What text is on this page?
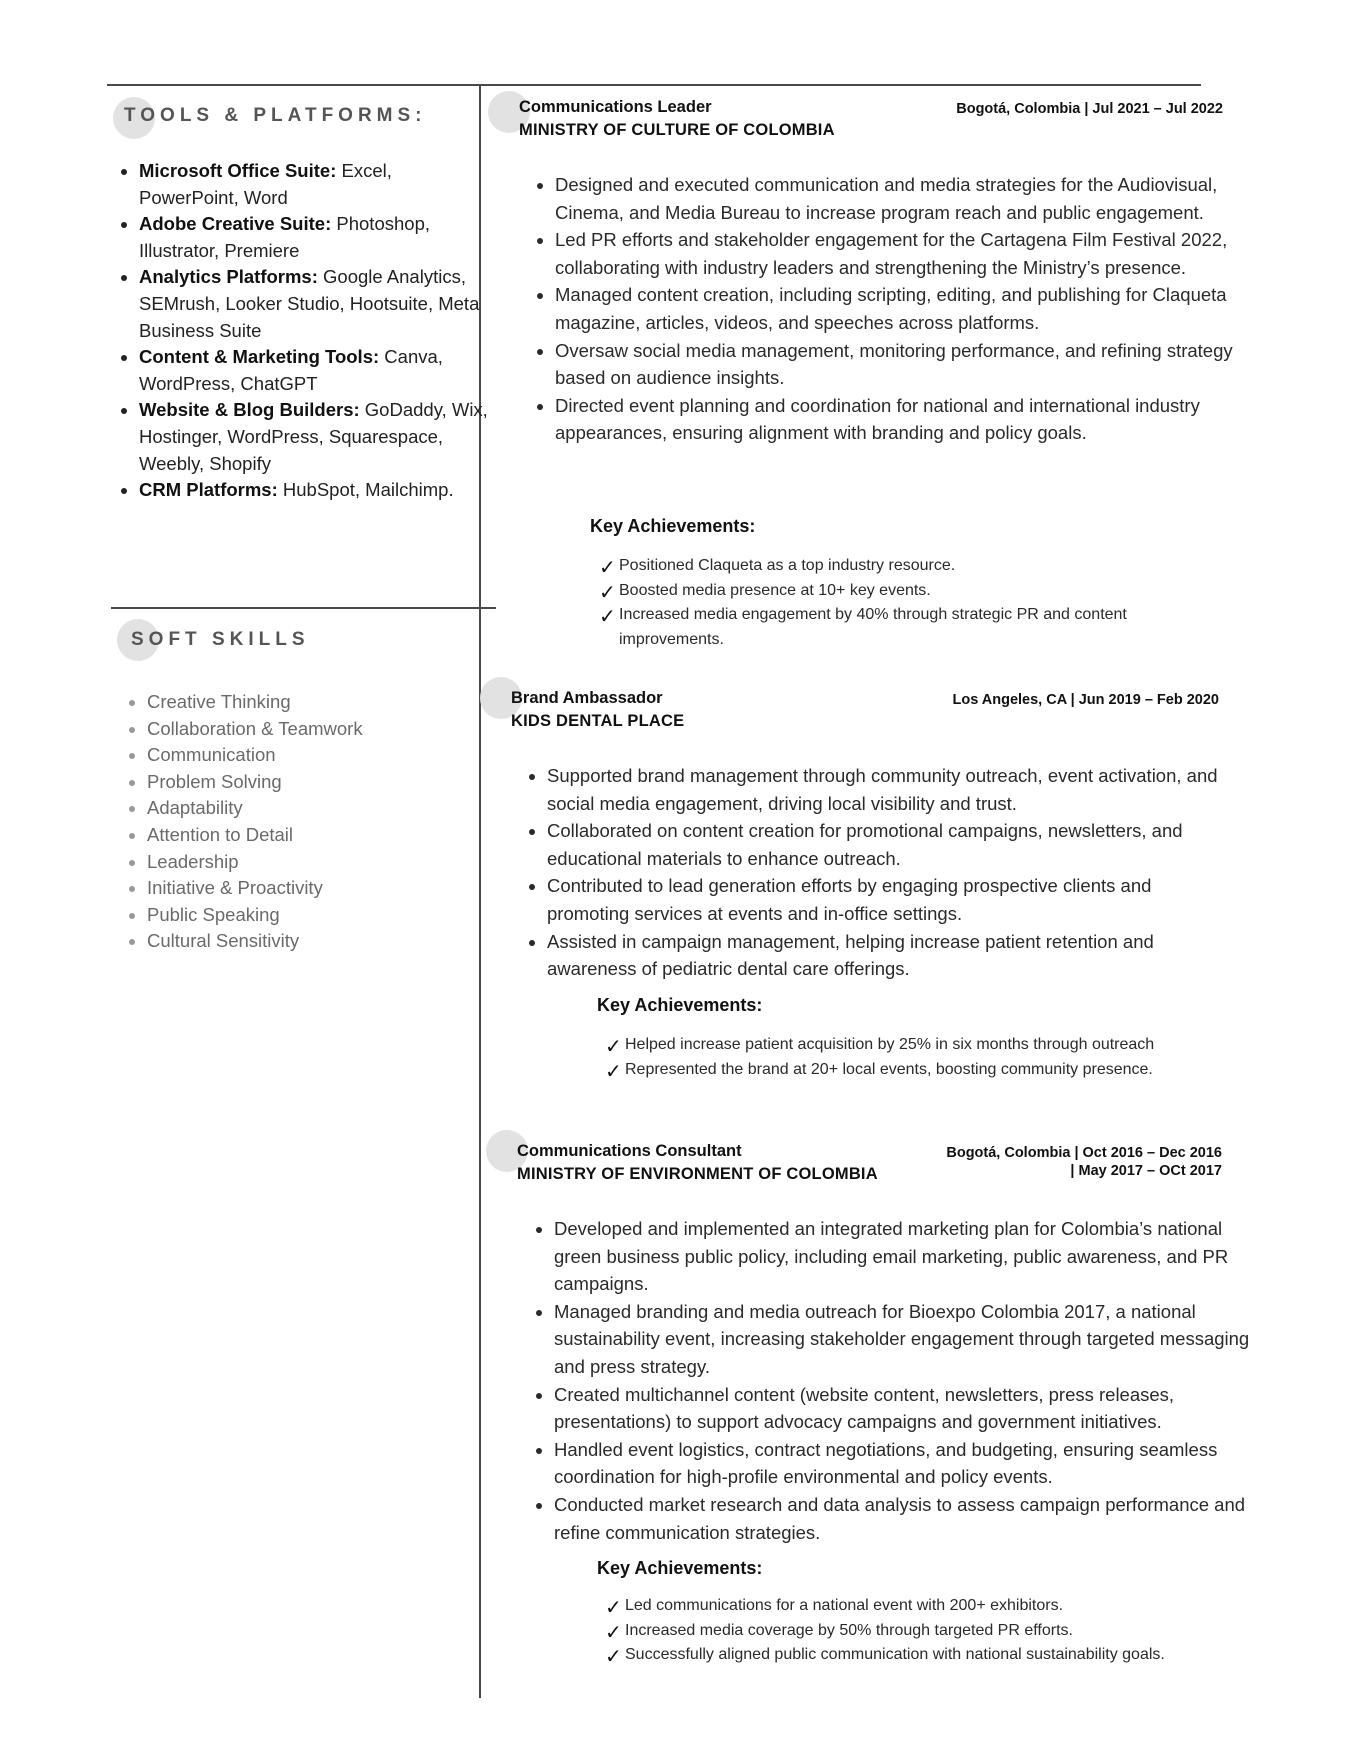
TOOLS & PLATFORMS:
• Microsoft Office Suite: Excel, PowerPoint, Word
• Adobe Creative Suite: Photoshop, Illustrator, Premiere
• Analytics Platforms: Google Analytics, SEMrush, Looker Studio, Hootsuite, Meta Business Suite
• Content & Marketing Tools: Canva, WordPress, ChatGPT
• Website & Blog Builders: GoDaddy, Wix, Hostinger, WordPress, Squarespace, Weebly, Shopify
• CRM Platforms: HubSpot, Mailchimp.
SOFT SKILLS
• Creative Thinking
• Collaboration & Teamwork
• Communication
• Problem Solving
• Adaptability
• Attention to Detail
• Leadership
• Initiative & Proactivity
• Public Speaking
• Cultural Sensitivity
Communications Leader
MINISTRY OF CULTURE OF COLOMBIA
Bogotá, Colombia | Jul 2021 – Jul 2022
• Designed and executed communication and media strategies for the Audiovisual, Cinema, and Media Bureau to increase program reach and public engagement.
• Led PR efforts and stakeholder engagement for the Cartagena Film Festival 2022, collaborating with industry leaders and strengthening the Ministry’s presence.
• Managed content creation, including scripting, editing, and publishing for Claqueta magazine, articles, videos, and speeches across platforms.
• Oversaw social media management, monitoring performance, and refining strategy based on audience insights.
• Directed event planning and coordination for national and international industry appearances, ensuring alignment with branding and policy goals.
Key Achievements:
✓ Positioned Claqueta as a top industry resource.
✓ Boosted media presence at 10+ key events.
✓ Increased media engagement by 40% through strategic PR and content improvements.
Brand Ambassador
KIDS DENTAL PLACE
Los Angeles, CA | Jun 2019 – Feb 2020
• Supported brand management through community outreach, event activation, and social media engagement, driving local visibility and trust.
• Collaborated on content creation for promotional campaigns, newsletters, and educational materials to enhance outreach.
• Contributed to lead generation efforts by engaging prospective clients and promoting services at events and in-office settings.
• Assisted in campaign management, helping increase patient retention and awareness of pediatric dental care offerings.
Key Achievements:
✓ Helped increase patient acquisition by 25% in six months through outreach
✓ Represented the brand at 20+ local events, boosting community presence.
Communications Consultant
MINISTRY OF ENVIRONMENT OF COLOMBIA
Bogotá, Colombia | Oct 2016 – Dec 2016
| May 2017 – OCt 2017
• Developed and implemented an integrated marketing plan for Colombia’s national green business public policy, including email marketing, public awareness, and PR campaigns.
• Managed branding and media outreach for Bioexpo Colombia 2017, a national sustainability event, increasing stakeholder engagement through targeted messaging and press strategy.
• Created multichannel content (website content, newsletters, press releases, presentations) to support advocacy campaigns and government initiatives.
• Handled event logistics, contract negotiations, and budgeting, ensuring seamless coordination for high-profile environmental and policy events.
• Conducted market research and data analysis to assess campaign performance and refine communication strategies.
Key Achievements:
✓ Led communications for a national event with 200+ exhibitors.
✓ Increased media coverage by 50% through targeted PR efforts.
✓ Successfully aligned public communication with national sustainability goals.
